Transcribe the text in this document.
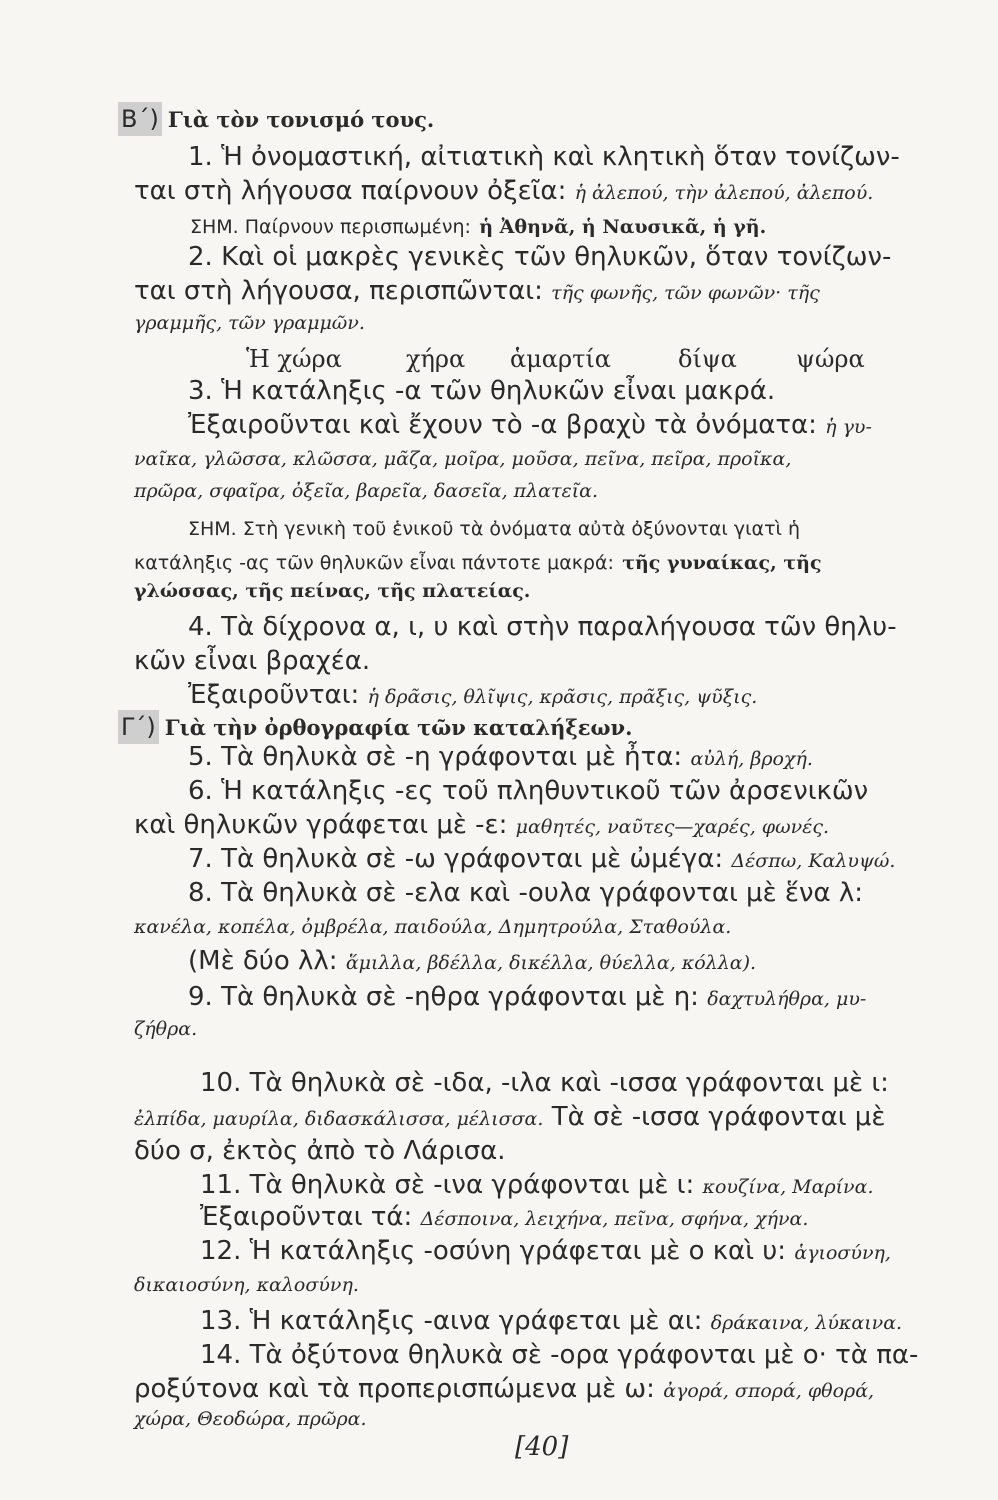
Β΄) Γιὰ τὸν τονισμό τους.
1. Ἡ ὀνομαστική, αἰτιατικὴ καὶ κλητικὴ ὅταν τονίζων-
ται στὴ λήγουσα παίρνουν ὀξεῖα: ἡ ἀλεπού, τὴν ἀλεπού, ἀλεπού.
ΣΗΜ. Παίρνουν περισπωμένη: ἡ Ἀθηνᾶ, ἡ Ναυσικᾶ, ἡ γῆ.
2. Καὶ οἱ μακρὲς γενικὲς τῶν θηλυκῶν, ὅταν τονίζων-
ται στὴ λήγουσα, περισπῶνται: τῆς φωνῆς, τῶν φωνῶν· τῆς
γραμμῆς, τῶν γραμμῶν.
Ἡ χώρα	χήρα ἁμαρτία	δίψα ψώρα
3. Ἡ κατάληξις -α τῶν θηλυκῶν εἶναι μακρά.
Ἐξαιροῦνται καὶ ἔχουν τὸ -α βραχὺ τὰ ὀνόματα: ἡ γυ-
ναῖκα, γλῶσσα, κλῶσσα, μᾶζα, μοῖρα, μοῦσα, πεῖνα, πεῖρα, προῖκα,
πρῶρα, σφαῖρα, ὀξεῖα, βαρεῖα, δασεῖα, πλατεῖα.
ΣΗΜ. Στὴ γενικὴ τοῦ ἑνικοῦ τὰ ὀνόματα αὐτὰ ὀξύνονται γιατὶ ἡ
κατάληξις -ας τῶν θηλυκῶν εἶναι πάντοτε μακρά: τῆς γυναίκας, τῆς
γλώσσας, τῆς πείνας, τῆς πλατείας.
4. Τὰ δίχρονα α, ι, υ καὶ στὴν παραλήγουσα τῶν θηλυ-
κῶν εἶναι βραχέα.
Ἐξαιροῦνται: ἡ δρᾶσις, θλῖψις, κρᾶσις, πρᾶξις, ψῦξις.
Γ΄) Γιὰ τὴν ὀρθογραφία τῶν καταλήξεων.
5. Τὰ θηλυκὰ σὲ -η γράφονται μὲ ἦτα: αὐλή, βροχή.
6. Ἡ κατάληξις -ες τοῦ πληθυντικοῦ τῶν ἀρσενικῶν
καὶ θηλυκῶν γράφεται μὲ -ε: μαθητές, ναῦτες—χαρές, φωνές.
7. Τὰ θηλυκὰ σὲ -ω γράφονται μὲ ὠμέγα: Δέσπω, Καλυψώ.
8. Τὰ θηλυκὰ σὲ -ελα καὶ -ουλα γράφονται μὲ ἕνα λ:
κανέλα, κοπέλα, ὀμβρέλα, παιδούλα, Δημητρούλα, Σταθούλα.
(Μὲ δύο λλ: ἅμιλλα, βδέλλα, δικέλλα, θύελλα, κόλλα).
9. Τὰ θηλυκὰ σὲ -ηθρα γράφονται μὲ η: δαχτυλήθρα, μυ-
ζήθρα.
10. Τὰ θηλυκὰ σὲ -ιδα, -ιλα καὶ -ισσα γράφονται μὲ ι:
ἐλπίδα, μαυρίλα, διδασκάλισσα, μέλισσα. Τὰ σὲ -ισσα γράφονται μὲ
δύο σ, ἐκτὸς ἀπὸ τὸ Λάρισα.
11. Τὰ θηλυκὰ σὲ -ινα γράφονται μὲ ι: κουζίνα, Μαρίνα.
Ἐξαιροῦνται τά: Δέσποινα, λειχήνα, πεῖνα, σφήνα, χήνα.
12. Ἡ κατάληξις -οσύνη γράφεται μὲ ο καὶ υ: ἁγιοσύνη,
δικαιοσύνη, καλοσύνη.
13. Ἡ κατάληξις -αινα γράφεται μὲ αι: δράκαινα, λύκαινα.
14. Τὰ ὀξύτονα θηλυκὰ σὲ -ορα γράφονται μὲ ο· τὰ πα-
ροξύτονα καὶ τὰ προπερισπώμενα μὲ ω: ἀγορά, σπορά, φθορά,
χώρα, Θεοδώρα, πρῶρα.
[40]
